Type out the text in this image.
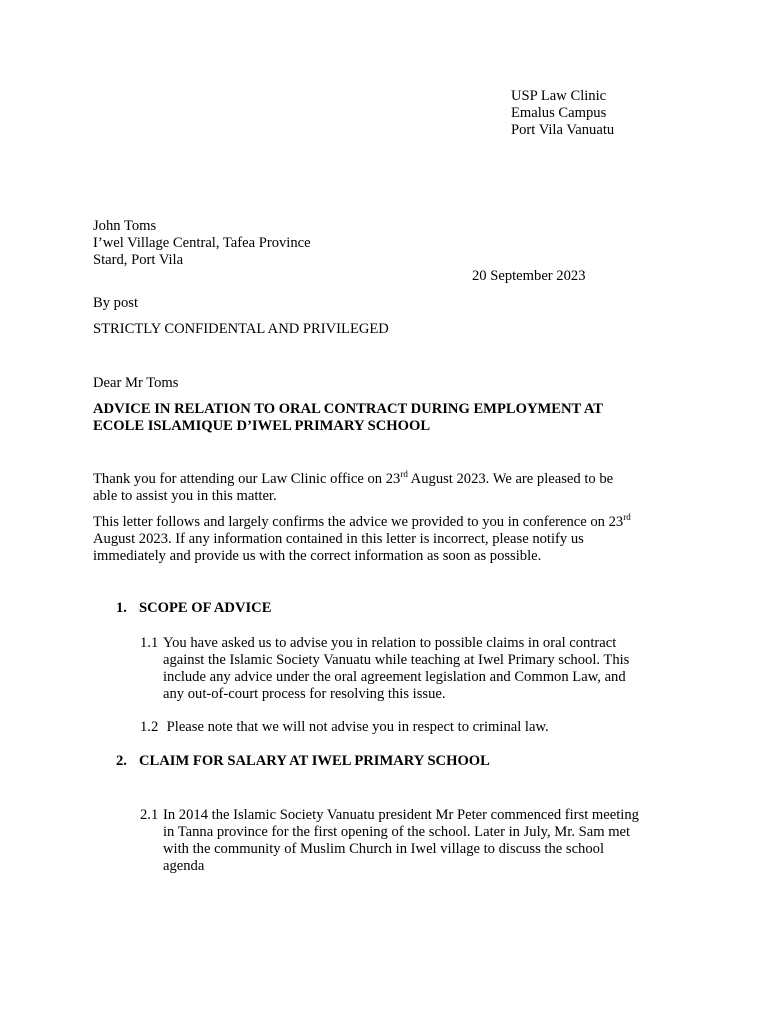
USP Law Clinic
Emalus Campus
Port Vila Vanuatu
John Toms
I’wel Village Central, Tafea Province
Stard, Port Vila
20 September 2023
By post
STRICTLY CONFIDENTAL AND PRIVILEGED
Dear Mr Toms
ADVICE IN RELATION TO ORAL CONTRACT DURING EMPLOYMENT AT
ECOLE ISLAMIQUE D’IWEL PRIMARY SCHOOL
Thank you for attending our Law Clinic office on 23rd August 2023. We are pleased to be
able to assist you in this matter.
This letter follows and largely confirms the advice we provided to you in conference on 23rd
August 2023. If any information contained in this letter is incorrect, please notify us
immediately and provide us with the correct information as soon as possible.
1. SCOPE OF ADVICE
1.1 You have asked us to advise you in relation to possible claims in oral contract
against the Islamic Society Vanuatu while teaching at Iwel Primary school. This
include any advice under the oral agreement legislation and Common Law, and
any out-of-court process for resolving this issue.
1.2 Please note that we will not advise you in respect to criminal law.
2. CLAIM FOR SALARY AT IWEL PRIMARY SCHOOL
2.1 In 2014 the Islamic Society Vanuatu president Mr Peter commenced first meeting
in Tanna province for the first opening of the school. Later in July, Mr. Sam met
with the community of Muslim Church in Iwel village to discuss the school
agenda
